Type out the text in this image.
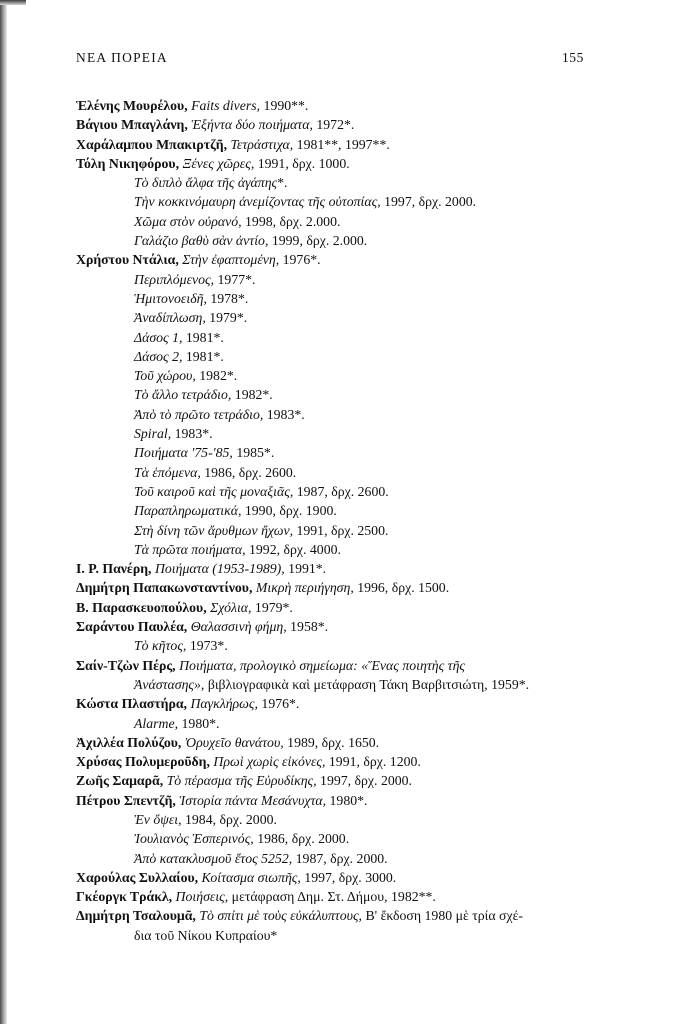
ΝΕΑ ΠΟΡΕΙΑ	155
Ἑλένης Μουρέλου, Faits divers, 1990**.
Βάγιου Μπαγλάνη, Ἑξήντα δύο ποιήματα, 1972*.
Χαράλαμπου Μπακιρτζῆ, Τετράστιχα, 1981**, 1997**.
Τόλη Νικηφόρου, Ξένες χῶρες, 1991, δρχ. 1000.
Τὸ διπλὸ ἄλφα τῆς ἀγάπης*.
Τὴν κοκκινόμαυρη ἀνεμίζοντας τῆς οὐτοπίας, 1997, δρχ. 2000.
Χῶμα στὸν οὐρανό, 1998, δρχ. 2.000.
Γαλάζιο βαθὺ σὰν ἀντίο, 1999, δρχ. 2.000.
Χρήστου Ντάλια, Στὴν ἐφαπτομένη, 1976*.
Περιπλόμενος, 1977*.
Ἡμιτονοειδῆ, 1978*.
Ἀναδίπλωση, 1979*.
Δάσος 1, 1981*.
Δάσος 2, 1981*.
Τοῦ χώρου, 1982*.
Τὸ ἄλλο τετράδιο, 1982*.
Ἀπὸ τὸ πρῶτο τετράδιο, 1983*.
Spiral, 1983*.
Ποιήματα '75-'85, 1985*.
Τὰ ἑπόμενα, 1986, δρχ. 2600.
Τοῦ καιροῦ καὶ τῆς μοναξιᾶς, 1987, δρχ. 2600.
Παραπληρωματικά, 1990, δρχ. 1900.
Στὴ δίνη τῶν ἄρυθμων ἤχων, 1991, δρχ. 2500.
Τὰ πρῶτα ποιήματα, 1992, δρχ. 4000.
Ι. Ρ. Πανέρη, Ποιήματα (1953-1989), 1991*.
Δημήτρη Παπακωνσταντίνου, Μικρὴ περιήγηση, 1996, δρχ. 1500.
Β. Παρασκευοπούλου, Σχόλια, 1979*.
Σαράντου Παυλέα, Θαλασσινὴ φήμη, 1958*.
Τὸ κῆτος, 1973*.
Σαίν-Τζὼν Πέρς, Ποιήματα, προλογικὸ σημείωμα: «Ἕνας ποιητὴς τῆς
Ἀνάστασης», βιβλιογραφικὰ καὶ μετάφραση Τάκη Βαρβιτσιώτη, 1959*.
Κώστα Πλαστήρα, Παγκλήρως, 1976*.
Alarme, 1980*.
Ἀχιλλέα Πολύζου, Ὀρυχεῖο θανάτου, 1989, δρχ. 1650.
Χρύσας Πολυμεροῦδη, Πρωὶ χωρὶς εἰκόνες, 1991, δρχ. 1200.
Ζωῆς Σαμαρᾶ, Τὸ πέρασμα τῆς Εὐρυδίκης, 1997, δρχ. 2000.
Πέτρου Σπεντζῆ, Ἱστορία πάντα Μεσάνυχτα, 1980*.
Ἐν ὄψει, 1984, δρχ. 2000.
Ἰουλιανὸς Ἑσπερινός, 1986, δρχ. 2000.
Ἀπὸ κατακλυσμοῦ ἔτος 5252, 1987, δρχ. 2000.
Χαρούλας Συλλαίου, Κοίτασμα σιωπῆς, 1997, δρχ. 3000.
Γκέοργκ Τράκλ, Ποιήσεις, μετάφραση Δημ. Στ. Δήμου, 1982**.
Δημήτρη Τσαλουμᾶ, Τὸ σπίτι μὲ τοὺς εὐκάλυπτους, Β' ἔκδοση 1980 μὲ τρία σχέ-
δια τοῦ Νίκου Κυπραίου*
